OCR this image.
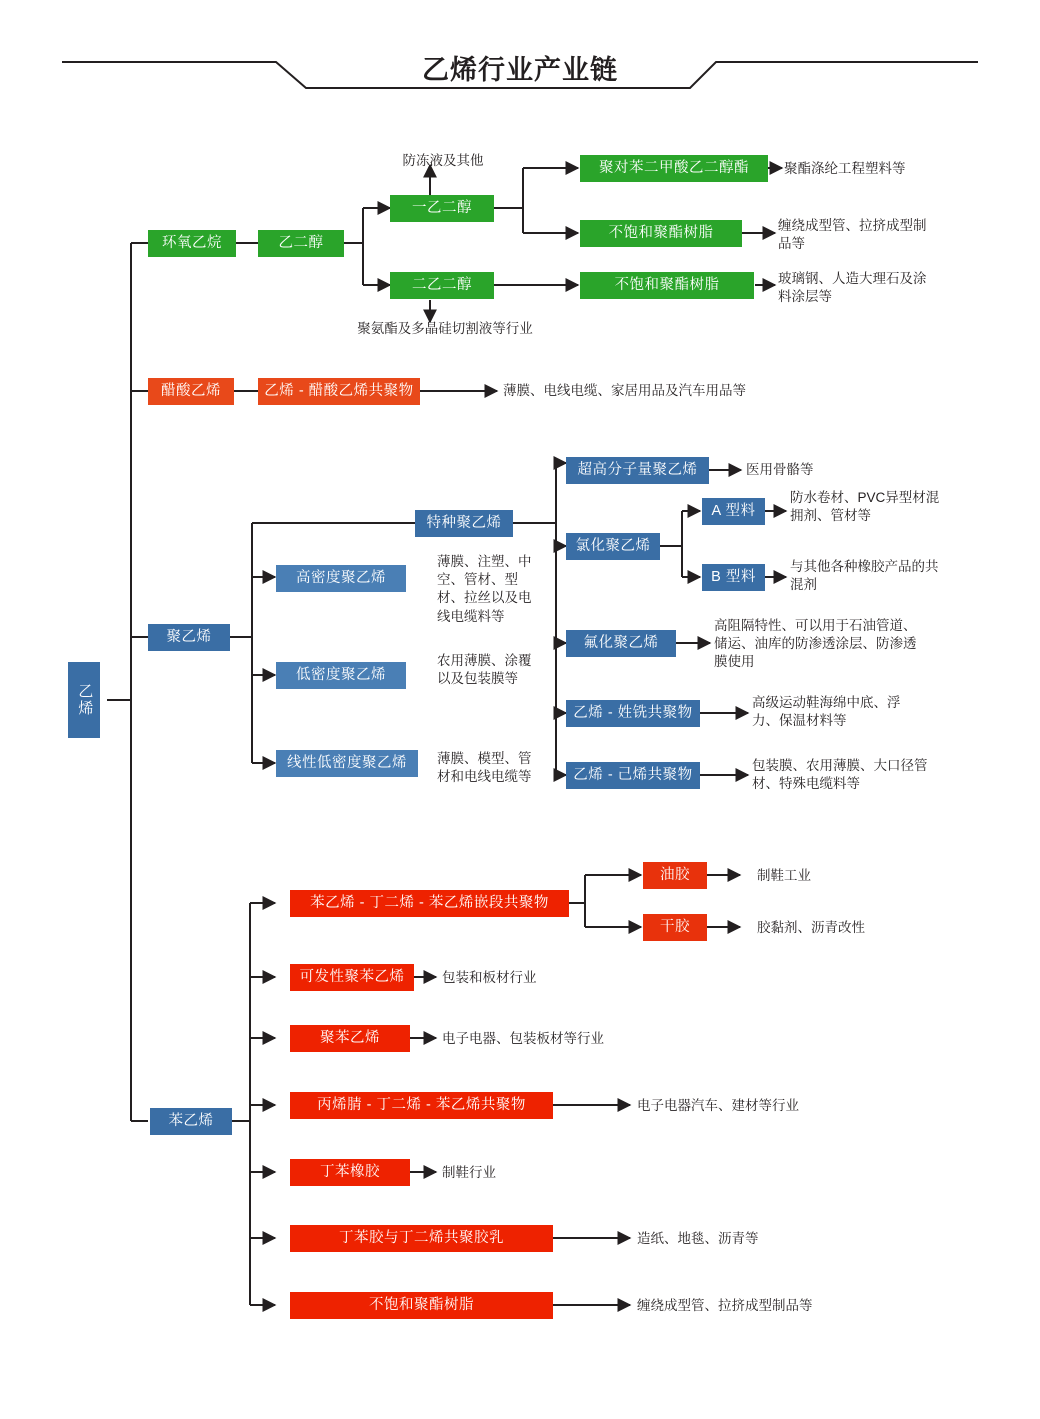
乙烯行业产业链
乙烯
环氧乙烷	乙二醇
一乙二醇
二乙二醇
防冻液及其他
聚氨酯及多晶硅切割液等行业
聚对苯二甲酸乙二醇酯	聚酯涤纶工程塑料等
不饱和聚酯树脂	缠绕成型管、拉挤成型制品等
不饱和聚酯树脂	玻璃钢、人造大理石及涂料涂层等
醋酸乙烯	乙烯 - 醋酸乙烯共聚物	薄膜、电线电缆、家居用品及汽车用品等
聚乙烯
特种聚乙烯
超高分子量聚乙烯	医用骨骼等
氯化聚乙烯
A 型料
防水卷材、PVC异型材混拥剂、管材等
B 型料
与其他各种橡胶产品的共混剂
氟化聚乙烯
高阻隔特性、可以用于石油管道、储运、油库的防渗透涂层、防渗透膜使用
乙烯 - 姓铣共聚物
高级运动鞋海绵中底、浮力、保温材料等
乙烯 - 己烯共聚物
包装膜、农用薄膜、大口径管材、特殊电缆料等
高密度聚乙烯
薄膜、注塑、中空、管材、型材、拉丝以及电线电缆料等
低密度聚乙烯
农用薄膜、涂覆以及包装膜等
线性低密度聚乙烯	薄膜、模型、管材和电线电缆等
苯乙烯
苯乙烯 - 丁二烯 - 苯乙烯嵌段共聚物
油胶	制鞋工业
干胶	胶黏剂、沥青改性
可发性聚苯乙烯	包装和板材行业
聚苯乙烯	电子电器、包装板材等行业
丙烯腈 - 丁二烯 - 苯乙烯共聚物	电子电器汽车、建材等行业
丁苯橡胶	制鞋行业
丁苯胶与丁二烯共聚胶乳	造纸、地毯、沥青等
不饱和聚酯树脂	缠绕成型管、拉挤成型制品等
